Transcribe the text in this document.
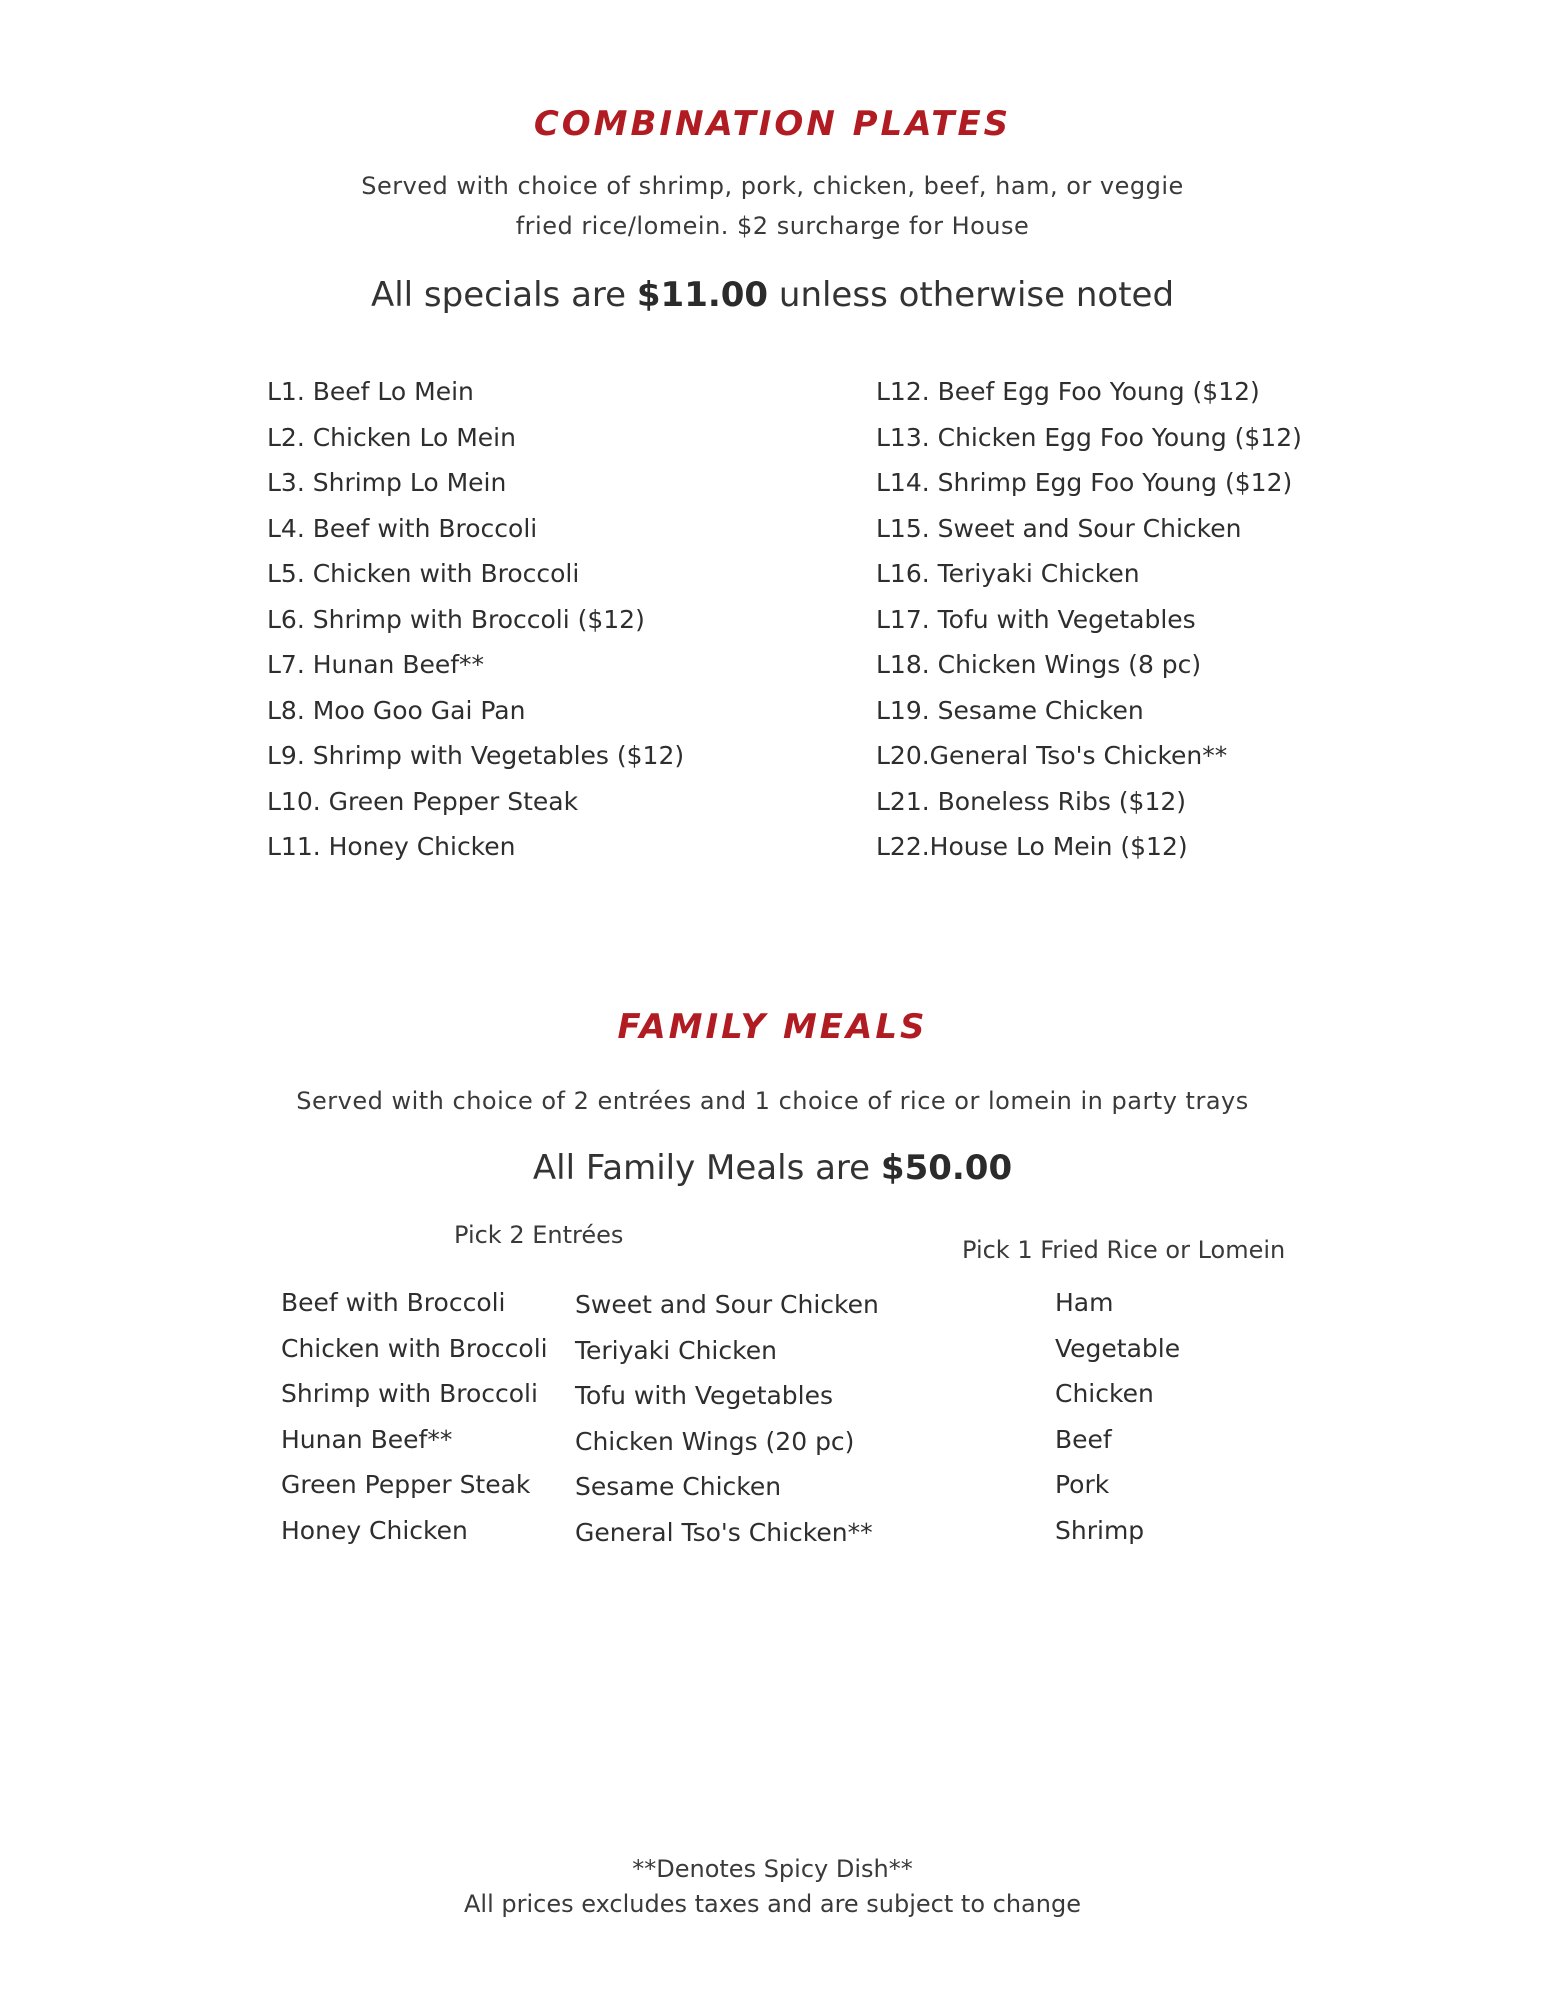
COMBINATION PLATES
Served with choice of shrimp, pork, chicken, beef, ham, or veggie
fried rice/lomein. $2 surcharge for House
All specials are $11.00 unless otherwise noted
L1. Beef Lo Mein
L2. Chicken Lo Mein
L3. Shrimp Lo Mein
L4. Beef with Broccoli
L5. Chicken with Broccoli
L6. Shrimp with Broccoli ($12)
L7. Hunan Beef**
L8. Moo Goo Gai Pan
L9. Shrimp with Vegetables ($12)
L10. Green Pepper Steak
L11. Honey Chicken
L12. Beef Egg Foo Young ($12)
L13. Chicken Egg Foo Young ($12)
L14. Shrimp Egg Foo Young ($12)
L15. Sweet and Sour Chicken
L16. Teriyaki Chicken
L17. Tofu with Vegetables
L18. Chicken Wings (8 pc)
L19. Sesame Chicken
L20.General Tso's Chicken**
L21. Boneless Ribs ($12)
L22.House Lo Mein ($12)
FAMILY MEALS
Served with choice of 2 entrées and 1 choice of rice or lomein in party trays
All Family Meals are $50.00
Pick 2 Entrées
Pick 1 Fried Rice or Lomein
Beef with Broccoli
Chicken with Broccoli
Shrimp with Broccoli
Hunan Beef**
Green Pepper Steak
Honey Chicken
Sweet and Sour Chicken
Teriyaki Chicken
Tofu with Vegetables
Chicken Wings (20 pc)
Sesame Chicken
General Tso's Chicken**
Ham
Vegetable
Chicken
Beef
Pork
Shrimp
**Denotes Spicy Dish**
All prices excludes taxes and are subject to change
